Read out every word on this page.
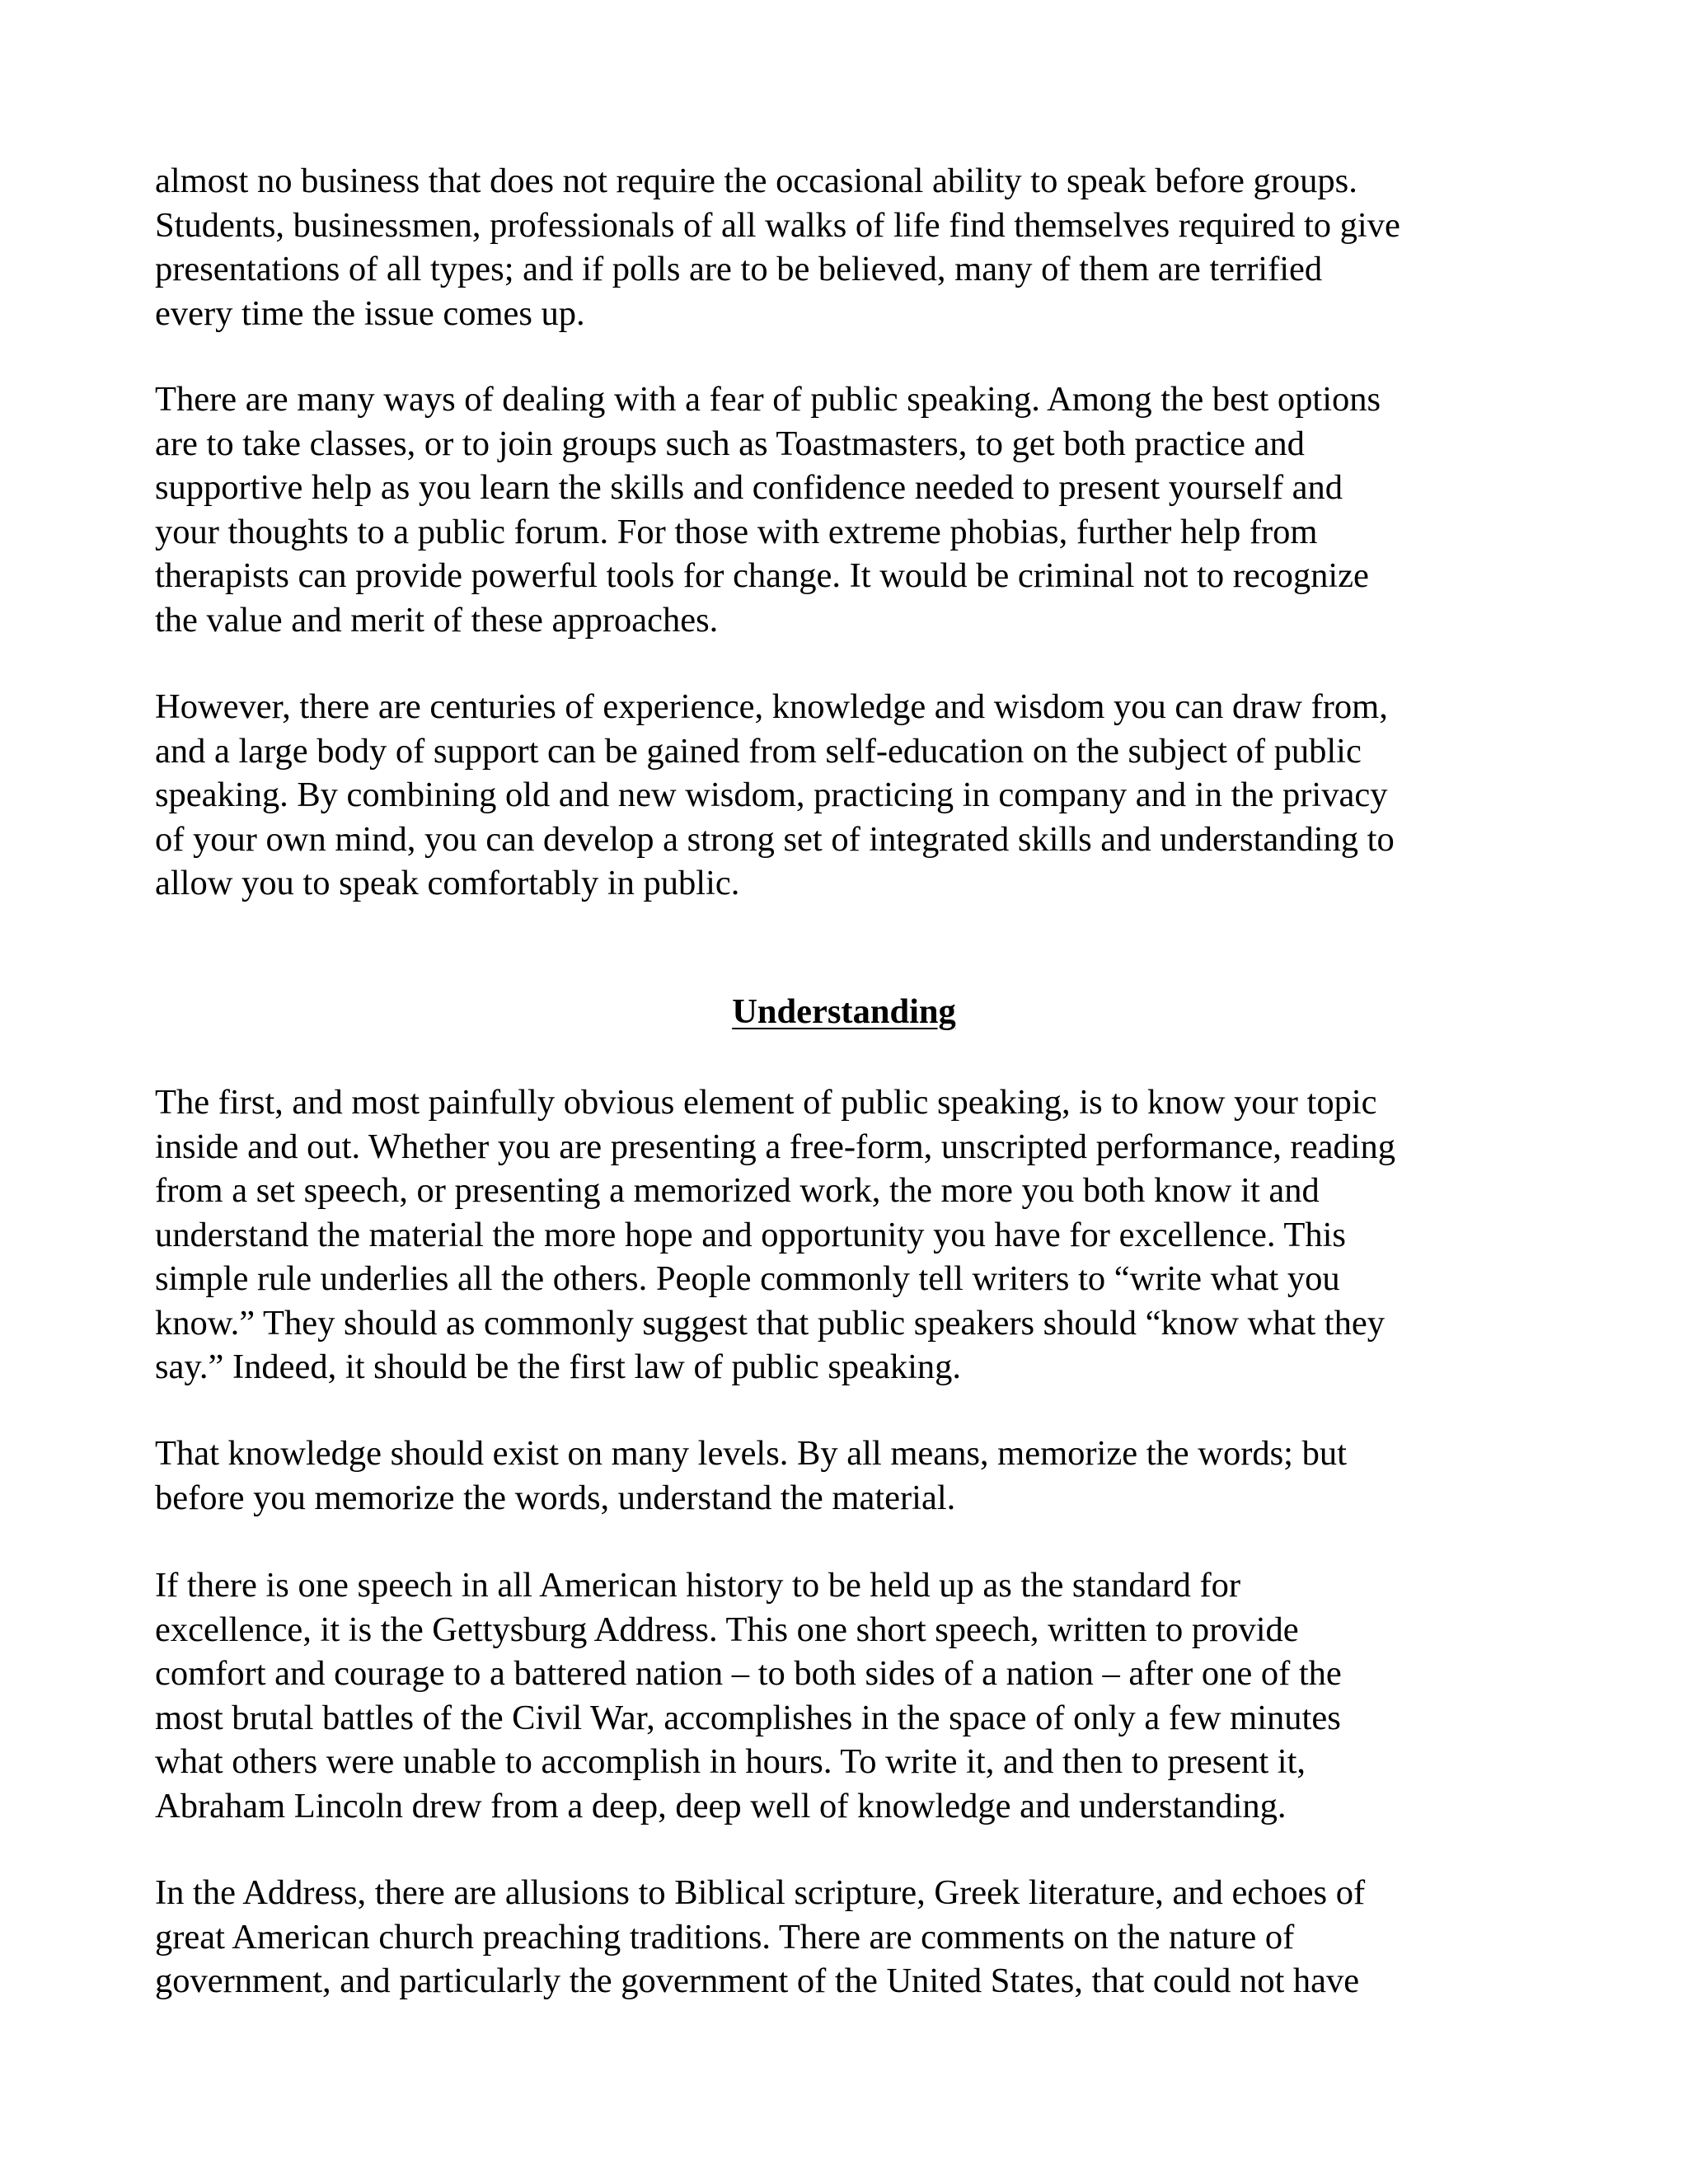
almost no business that does not require the occasional ability to speak before groups.
Students, businessmen, professionals of all walks of life find themselves required to give
presentations of all types; and if polls are to be believed, many of them are terrified
every time the issue comes up.

There are many ways of dealing with a fear of public speaking. Among the best options
are to take classes, or to join groups such as Toastmasters, to get both practice and
supportive help as you learn the skills and confidence needed to present yourself and
your thoughts to a public forum. For those with extreme phobias, further help from
therapists can provide powerful tools for change. It would be criminal not to recognize
the value and merit of these approaches.

However, there are centuries of experience, knowledge and wisdom you can draw from,
and a large body of support can be gained from self-education on the subject of public
speaking. By combining old and new wisdom, practicing in company and in the privacy
of your own mind, you can develop a strong set of integrated skills and understanding to
allow you to speak comfortably in public.

Understanding

The first, and most painfully obvious element of public speaking, is to know your topic
inside and out. Whether you are presenting a free-form, unscripted performance, reading
from a set speech, or presenting a memorized work, the more you both know it and
understand the material the more hope and opportunity you have for excellence. This
simple rule underlies all the others. People commonly tell writers to “write what you
know.” They should as commonly suggest that public speakers should “know what they
say.” Indeed, it should be the first law of public speaking.

That knowledge should exist on many levels. By all means, memorize the words; but
before you memorize the words, understand the material.

If there is one speech in all American history to be held up as the standard for
excellence, it is the Gettysburg Address. This one short speech, written to provide
comfort and courage to a battered nation – to both sides of a nation – after one of the
most brutal battles of the Civil War, accomplishes in the space of only a few minutes
what others were unable to accomplish in hours. To write it, and then to present it,
Abraham Lincoln drew from a deep, deep well of knowledge and understanding.

In the Address, there are allusions to Biblical scripture, Greek literature, and echoes of
great American church preaching traditions. There are comments on the nature of
government, and particularly the government of the United States, that could not have
